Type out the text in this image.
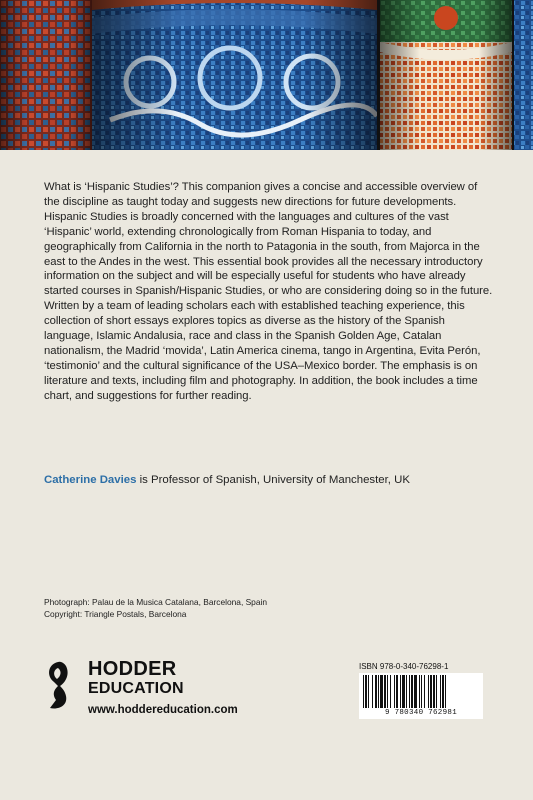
What is ‘Hispanic Studies’? This companion gives a concise and accessible overview of the discipline as taught today and suggests new directions for future developments. Hispanic Studies is broadly concerned with the languages and cultures of the vast ‘Hispanic’ world, extending chronologically from Roman Hispania to today, and geographically from California in the north to Patagonia in the south, from Majorca in the east to the Andes in the west. This essential book provides all the necessary introductory information on the subject and will be especially useful for students who have already started courses in Spanish/Hispanic Studies, or who are considering doing so in the future. Written by a team of leading scholars each with established teaching experience, this collection of short essays explores topics as diverse as the history of the Spanish language, Islamic Andalusia, race and class in the Spanish Golden Age, Catalan nationalism, the Madrid ‘movida’, Latin America cinema, tango in Argentina, Evita Perón, ‘testimonio’ and the cultural significance of the USA–Mexico border. The emphasis is on literature and texts, including film and photography. In addition, the book includes a time chart, and suggestions for further reading.

Catherine Davies is Professor of Spanish, University of Manchester, UK

Photograph: Palau de la Musica Catalana, Barcelona, Spain
Copyright: Triangle Postals, Barcelona
HODDER
EDUCATION
www.hoddereducation.com
ISBN 978-0-340-76298-1
9 780340 762981
